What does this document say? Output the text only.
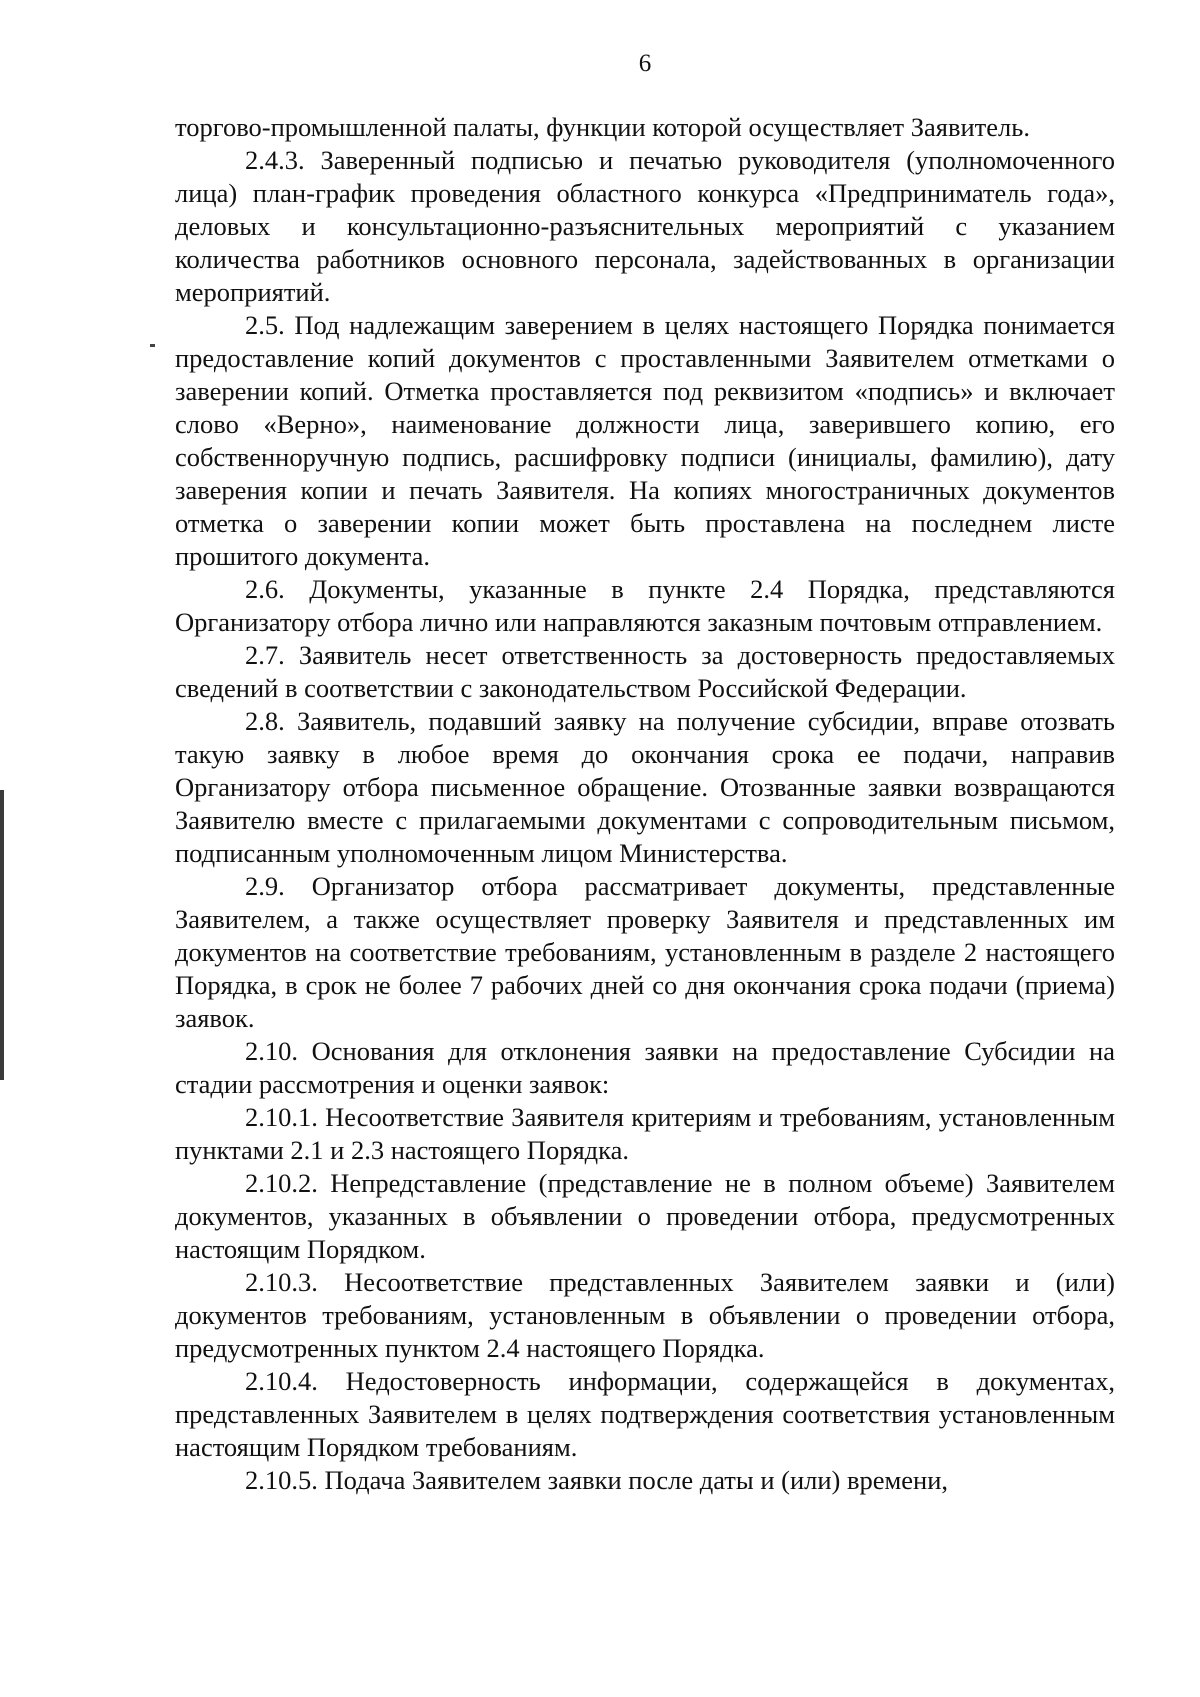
6

торгово-промышленной палаты, функции которой осуществляет Заявитель.

2.4.3. Заверенный подписью и печатью руководителя (уполномоченного лица) план-график проведения областного конкурса «Предприниматель года», деловых и консультационно-разъяснительных мероприятий с указанием количества работников основного персонала, задействованных в организации мероприятий.

2.5. Под надлежащим заверением в целях настоящего Порядка понимается предоставление копий документов с проставленными Заявителем отметками о заверении копий. Отметка проставляется под реквизитом «подпись» и включает слово «Верно», наименование должности лица, заверившего копию, его собственноручную подпись, расшифровку подписи (инициалы, фамилию), дату заверения копии и печать Заявителя. На копиях многостраничных документов отметка о заверении копии может быть проставлена на последнем листе прошитого документа.

2.6. Документы, указанные в пункте 2.4 Порядка, представляются Организатору отбора лично или направляются заказным почтовым отправлением.

2.7. Заявитель несет ответственность за достоверность предоставляемых сведений в соответствии с законодательством Российской Федерации.

2.8. Заявитель, подавший заявку на получение субсидии, вправе отозвать такую заявку в любое время до окончания срока ее подачи, направив Организатору отбора письменное обращение. Отозванные заявки возвращаются Заявителю вместе с прилагаемыми документами с сопроводительным письмом, подписанным уполномоченным лицом Министерства.

2.9. Организатор отбора рассматривает документы, представленные Заявителем, а также осуществляет проверку Заявителя и представленных им документов на соответствие требованиям, установленным в разделе 2 настоящего Порядка, в срок не более 7 рабочих дней со дня окончания срока подачи (приема) заявок.

2.10. Основания для отклонения заявки на предоставление Субсидии на стадии рассмотрения и оценки заявок:

2.10.1. Несоответствие Заявителя критериям и требованиям, установленным пунктами 2.1 и 2.3 настоящего Порядка.

2.10.2. Непредставление (представление не в полном объеме) Заявителем документов, указанных в объявлении о проведении отбора, предусмотренных настоящим Порядком.

2.10.3. Несоответствие представленных Заявителем заявки и (или) документов требованиям, установленным в объявлении о проведении отбора, предусмотренных пунктом 2.4 настоящего Порядка.

2.10.4. Недостоверность информации, содержащейся в документах, представленных Заявителем в целях подтверждения соответствия установленным настоящим Порядком требованиям.

2.10.5. Подача Заявителем заявки после даты и (или) времени,
